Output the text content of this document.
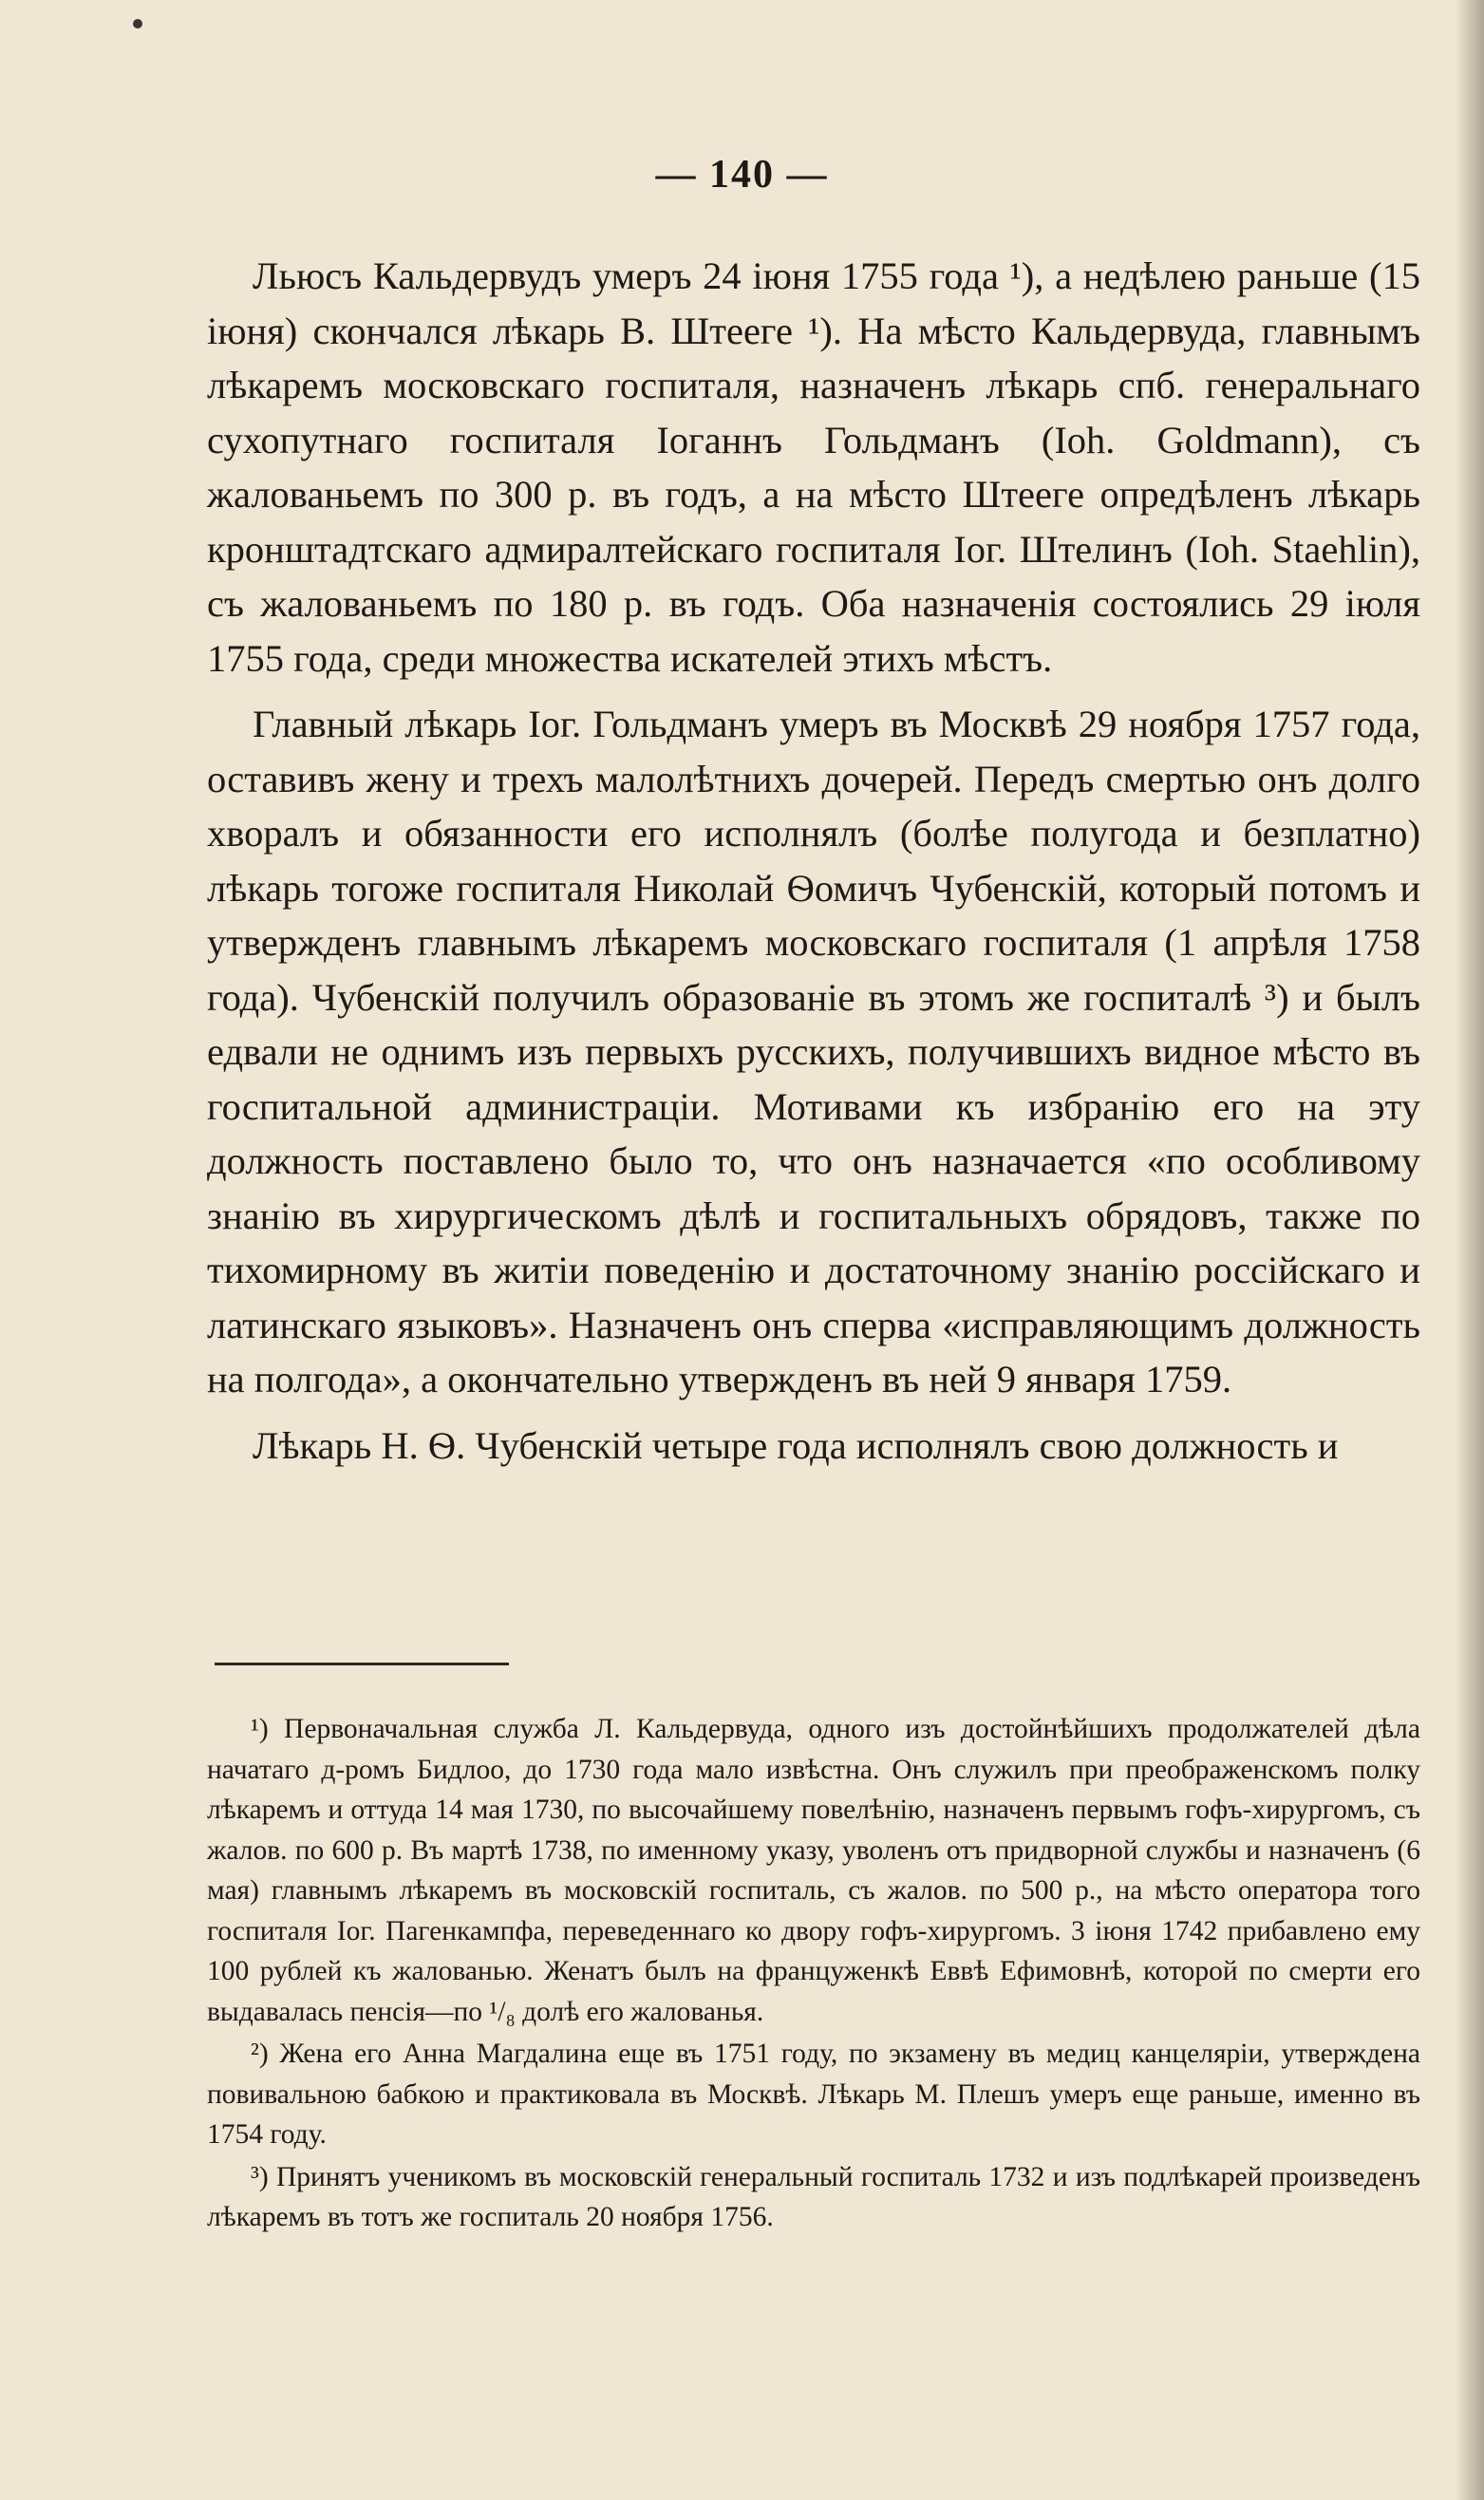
— 140 —

Льюсъ Кальдервудъ умеръ 24 іюня 1755 года ¹), а недѣлею раньше (15 іюня) скончался лѣкарь В. Штееге ¹). На мѣсто Кальдервуда, главнымъ лѣкаремъ московскаго госпиталя, назначенъ лѣкарь спб. генеральнаго сухопутнаго госпиталя Іоганнъ Гольдманъ (Ioh. Goldmann), съ жалованьемъ по 300 р. въ годъ, а на мѣсто Штееге опредѣленъ лѣкарь кронштадтскаго адмиралтейскаго госпиталя Іог. Штелинъ (Ioh. Staehlin), съ жалованьемъ по 180 р. въ годъ. Оба назначенія состоялись 29 іюля 1755 года, среди множества искателей этихъ мѣстъ.

Главный лѣкарь Іог. Гольдманъ умеръ въ Москвѣ 29 ноября 1757 года, оставивъ жену и трехъ малолѣтнихъ дочерей. Передъ смертью онъ долго хворалъ и обязанности его исполнялъ (болѣе полугода и безплатно) лѣкарь тогоже госпиталя Николай Ѳомичъ Чубенскій, который потомъ и утвержденъ главнымъ лѣкаремъ московскаго госпиталя (1 апрѣля 1758 года). Чубенскій получилъ образованіе въ этомъ же госпиталѣ ³) и былъ едвали не однимъ изъ первыхъ русскихъ, получившихъ видное мѣсто въ госпитальной администраціи. Мотивами къ избранію его на эту должность поставлено было то, что онъ назначается «по особливому знанію въ хирургическомъ дѣлѣ и госпитальныхъ обрядовъ, также по тихомирному въ житіи поведенію и достаточному знанію россійскаго и латинскаго языковъ». Назначенъ онъ сперва «исправляющимъ должность на полгода», а окончательно утвержденъ въ ней 9 января 1759.

Лѣкарь Н. Ѳ. Чубенскій четыре года исполнялъ свою должность и

¹) Первоначальная служба Л. Кальдервуда, одного изъ достойнѣйшихъ продолжателей дѣла начатаго д-ромъ Бидлоо, до 1730 года мало извѣстна. Онъ служилъ при преображенскомъ полку лѣкаремъ и оттуда 14 мая 1730, по высочайшему повелѣнію, назначенъ первымъ гофъ-хирургомъ, съ жалов. по 600 р. Въ мартѣ 1738, по именному указу, уволенъ отъ придворной службы и назначенъ (6 мая) главнымъ лѣкаремъ въ московскій госпиталь, съ жалов. по 500 р., на мѣсто оператора того госпиталя Іог. Пагенкампфа, переведеннаго ко двору гофъ-хирургомъ. 3 іюня 1742 прибавлено ему 100 рублей къ жалованью. Женатъ былъ на француженкѣ Еввѣ Ефимовнѣ, которой по смерти его выдавалась пенсія—по ¹/₈ долѣ его жалованья.

²) Жена его Анна Магдалина еще въ 1751 году, по экзамену въ медиц канцеляріи, утверждена повивальною бабкою и практиковала въ Москвѣ. Лѣкарь М. Плешъ умеръ еще раньше, именно въ 1754 году.

³) Принятъ ученикомъ въ московскій генеральный госпиталь 1732 и изъ подлѣкарей произведенъ лѣкаремъ въ тотъ же госпиталь 20 ноября 1756.
